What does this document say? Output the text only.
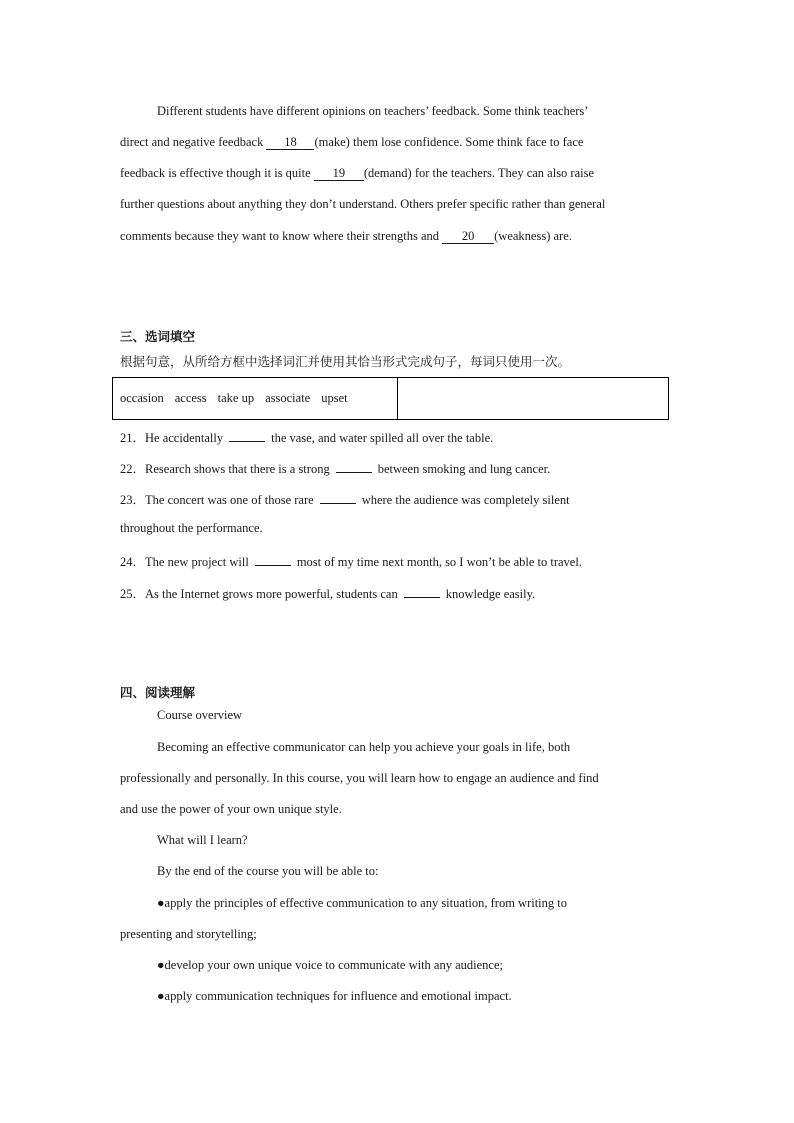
Different students have different opinions on teachers’ feedback. Some think teachers’
direct and negative feedback 18 (make) them lose confidence. Some think face to face
feedback is effective though it is quite 19 (demand) for the teachers. They can also raise
further questions about anything they don’t understand. Others prefer specific rather than general
comments because they want to know where their strengths and 20 (weakness) are.
三、选词填空
根据句意，从所给方框中选择词汇并使用其恰当形式完成句子，每词只使用一次。
occasion access take up associate upset
21．He accidentally	the vase, and water spilled all over the table.
22．Research shows that there is a strong	between smoking and lung cancer.
23．The concert was one of those rare	where the audience was completely silent
throughout the performance.
24．The new project will	most of my time next month, so I won’t be able to travel.
25．As the Internet grows more powerful, students can	knowledge easily.
四、阅读理解
Course overview
Becoming an effective communicator can help you achieve your goals in life, both
professionally and personally. In this course, you will learn how to engage an audience and find
and use the power of your own unique style.
What will I learn?
By the end of the course you will be able to:
●apply the principles of effective communication to any situation, from writing to
presenting and storytelling;
●develop your own unique voice to communicate with any audience;
●apply communication techniques for influence and emotional impact.
